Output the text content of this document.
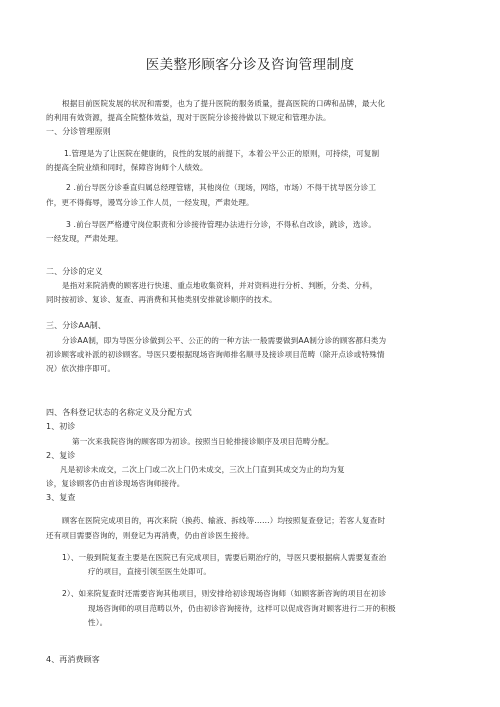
医美整形顾客分诊及咨询管理制度
根据目前医院发展的状况和需要，也为了提升医院的服务质量，提高医院的口碑和品牌，最大化
的利用有效资源，提高全院整体效益，现对于医院分诊接待做以下规定和管理办法。
一、分诊管理原则
1.管理是为了让医院在健康的，良性的发展的前提下，本着公平公正的原则，可持续，可复制
的提高全院业绩和同时，保障咨询师个人绩效。
2 .前台导医分诊垂直归属总经理管辖，其他岗位（现场，网络，市场）不得干扰导医分诊工
作，更不得侮辱，谩骂分诊工作人员，一经发现，严肃处理。
3 .前台导医严格遵守岗位职责和分诊接待管理办法进行分诊，不得私自改诊，跳诊，选诊。
一经发现，严肃处理。
二、分诊的定义
是指对来院消费的顾客进行快速、重点地收集资料，并对资料进行分析、判断，分类、分科，
同时按初诊、复诊、复查、再消费和其他类别安排就诊顺序的技术。
三、分诊AA制、
分诊AA制，即为导医分诊做到公平、公正的的一种方法·一般需要做到AA制分诊的顾客都归类为
初诊顾客或补派的初诊顾客。导医只要根据现场咨询师排名顺寻及接诊项目范畴（除开点诊或特殊情
况）依次排序即可。
四、各科登记状态的名称定义及分配方式
1、初诊
第一次来我院咨询的顾客即为初诊。按照当日轮排接诊顺序及项目范畴分配。
2、复诊
凡是初诊未成交，二次上门或二次上门仍未成交，三次上门直到其成交为止的均为复
诊，复诊顾客仍由首诊现场咨询师接待。
3、复查
顾客在医院完成项目的，再次来院（换药、输液、拆线等……）均按照复查登记；若客人复查时
还有项目需要咨询的，则登记为再消费，仍由首诊医生接待。
1）、一般到院复查主要是在医院已有完成项目，需要后期治疗的，导医只要根据病人需要复查治
疗的项目，直接引领至医生处即可。
2）、如来院复查时还需要咨询其他项目，则安排给初诊现场咨询师（如顾客新咨询的项目在初诊
现场咨询师的项目范畴以外，仍由初诊咨询接待，这样可以促成咨询对顾客进行二开的积极
性）。
4、再消费顾客
